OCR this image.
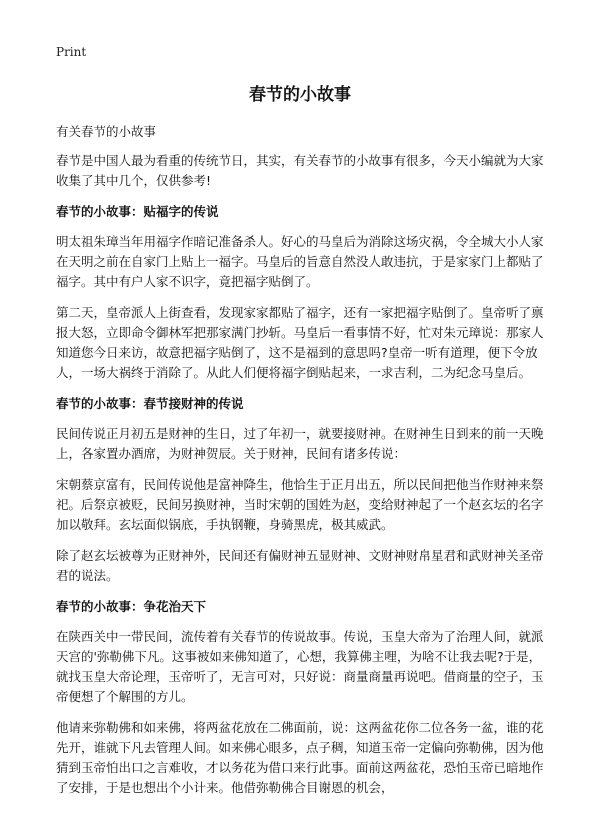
Print
春节的小故事

有关春节的小故事

春节是中国人最为看重的传统节日，其实，有关春节的小故事有很多，今天小编就为大家收集了其中几个，仅供参考!

春节的小故事：贴福字的传说

明太祖朱璋当年用福字作暗记准备杀人。好心的马皇后为消除这场灾祸，令全城大小人家在天明之前在自家门上贴上一福字。马皇后的旨意自然没人敢违抗，于是家家门上都贴了福字。其中有户人家不识字，竟把福字贴倒了。

第二天，皇帝派人上街查看，发现家家都贴了福字，还有一家把福字贴倒了。皇帝听了禀报大怒，立即命令御林军把那家满门抄斩。马皇后一看事情不好，忙对朱元璋说：那家人知道您今日来访，故意把福字贴倒了，这不是福到的意思吗?皇帝一听有道理，便下令放人，一场大祸终于消除了。从此人们便将福字倒贴起来，一求吉利，二为纪念马皇后。

春节的小故事：春节接财神的传说

民间传说正月初五是财神的生日，过了年初一，就要接财神。在财神生日到来的前一天晚上，各家置办酒席，为财神贺辰。关于财神，民间有诸多传说：

宋朝蔡京富有，民间传说他是富神降生，他恰生于正月出五，所以民间把他当作财神来祭祀。后祭京被贬，民间另换财神，当时宋朝的国姓为赵，变给财神起了一个赵玄坛的名字加以敬拜。玄坛面似锅底，手执钢鞭，身骑黑虎，极其威武。

除了赵玄坛被尊为正财神外，民间还有偏财神五显财神、文财神财帛星君和武财神关圣帝君的说法。

春节的小故事：争花治天下

在陕西关中一带民间，流传着有关春节的传说故事。传说，玉皇大帝为了治理人间，就派天宫的'弥勒佛下凡。这事被如来佛知道了，心想，我算佛主哩，为啥不让我去呢?于是，就找玉皇大帝论理，玉帝听了，无言可对，只好说：商量商量再说吧。借商量的空子，玉帝便想了个解围的方儿。

他请来弥勒佛和如来佛，将两盆花放在二佛面前，说：这两盆花你二位各务一盆，谁的花先开，谁就下凡去管理人间。如来佛心眼多，点子稠，知道玉帝一定偏向弥勒佛，因为他猜到玉帝怕出口之言难收，才以务花为借口来行此事。面前这两盆花，恐怕玉帝已暗地作了安排，于是也想出个小计来。他借弥勒佛合目谢恩的机会，
